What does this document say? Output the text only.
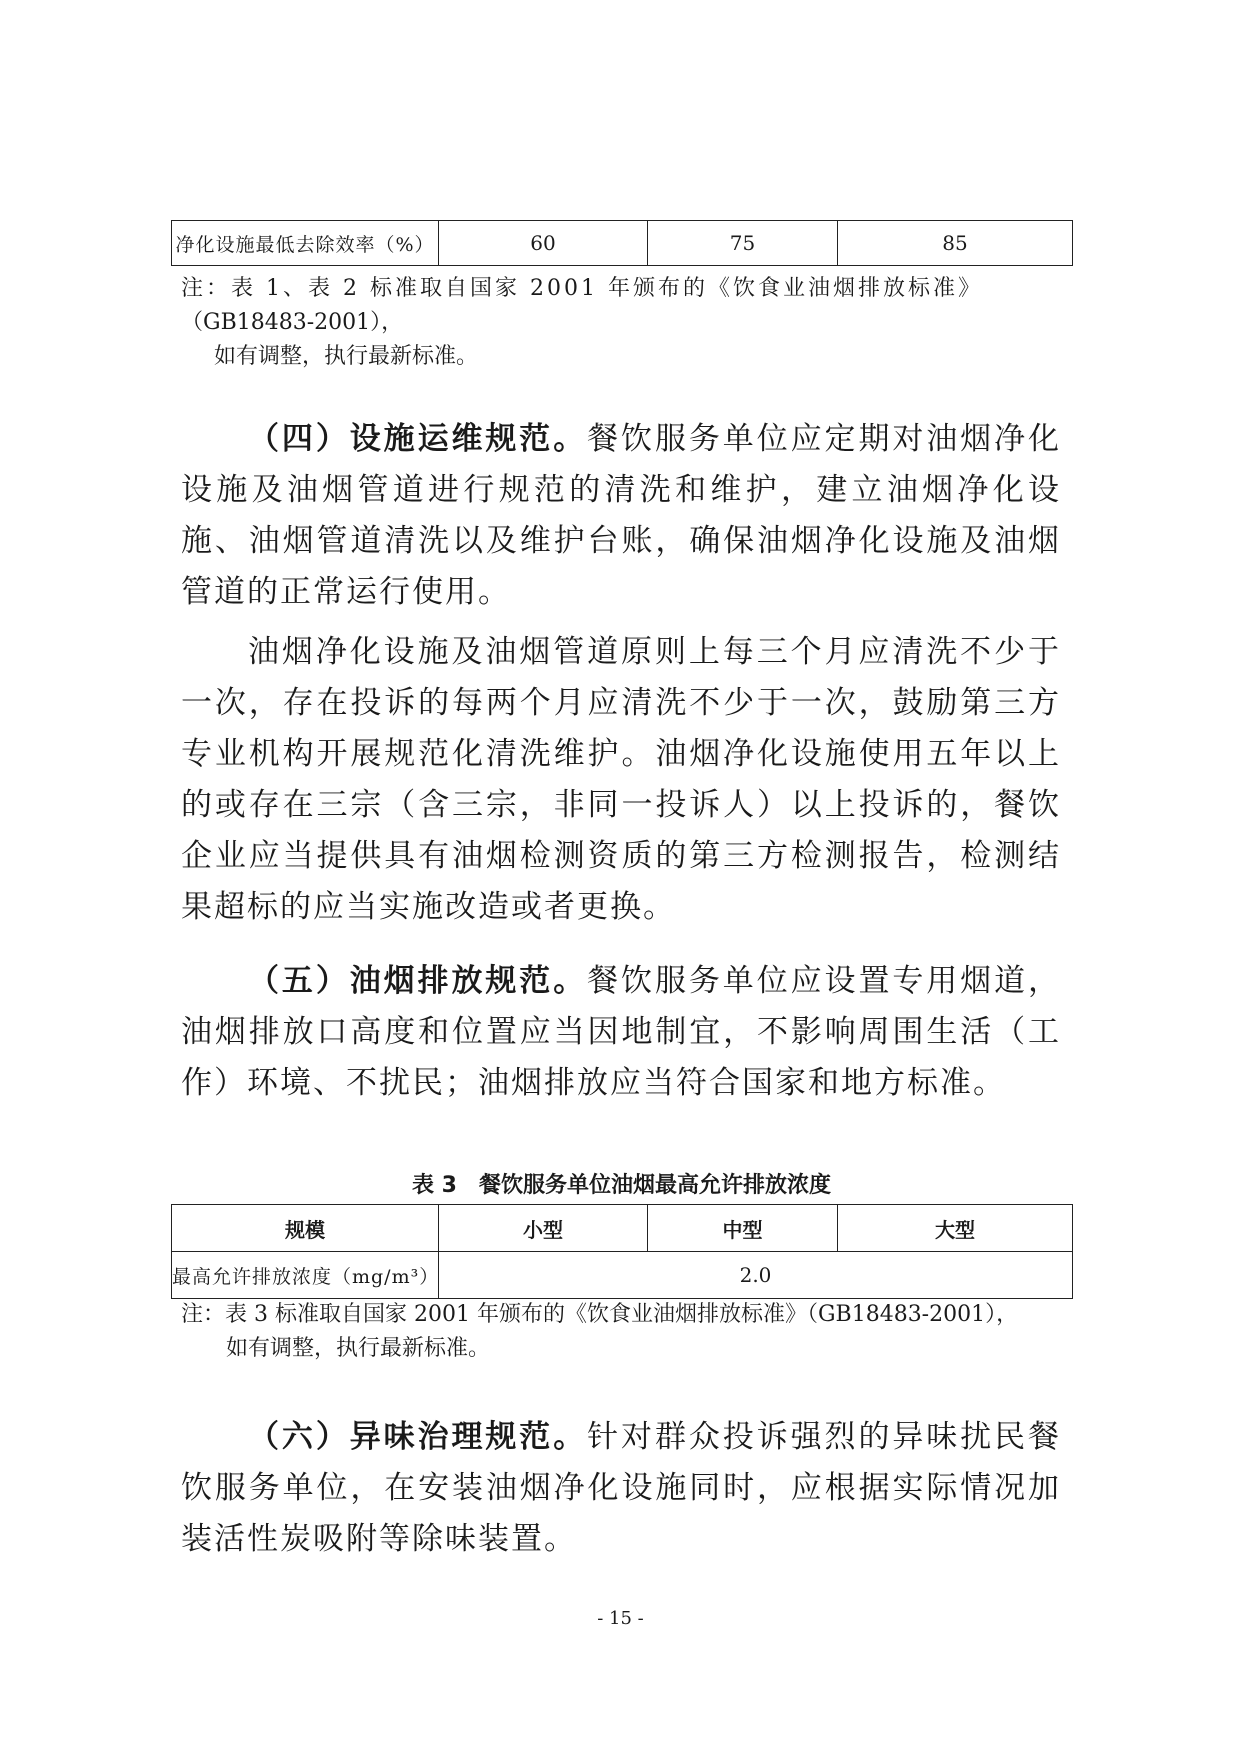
净化设施最低去除效率（%）	60	75	85
注：表 1、表 2 标准取自国家 2001 年颁布的《饮食业油烟排放标准》
（GB18483-2001），
如有调整，执行最新标准。
（四）设施运维规范。餐饮服务单位应定期对油烟净化设施及油烟管道进行规范的清洗和维护，建立油烟净化设施、油烟管道清洗以及维护台账，确保油烟净化设施及油烟管道的正常运行使用。
油烟净化设施及油烟管道原则上每三个月应清洗不少于一次，存在投诉的每两个月应清洗不少于一次，鼓励第三方专业机构开展规范化清洗维护。油烟净化设施使用五年以上的或存在三宗（含三宗，非同一投诉人）以上投诉的，餐饮企业应当提供具有油烟检测资质的第三方检测报告，检测结果超标的应当实施改造或者更换。
（五）油烟排放规范。餐饮服务单位应设置专用烟道，油烟排放口高度和位置应当因地制宜，不影响周围生活（工作）环境、不扰民；油烟排放应当符合国家和地方标准。
表 3　餐饮服务单位油烟最高允许排放浓度
规模	小型	中型	大型
最高允许排放浓度（mg/m³）	2.0		
注：表 3 标准取自国家 2001 年颁布的《饮食业油烟排放标准》（GB18483-2001），
如有调整，执行最新标准。
（六）异味治理规范。针对群众投诉强烈的异味扰民餐饮服务单位，在安装油烟净化设施同时，应根据实际情况加装活性炭吸附等除味装置。
- 15 -
